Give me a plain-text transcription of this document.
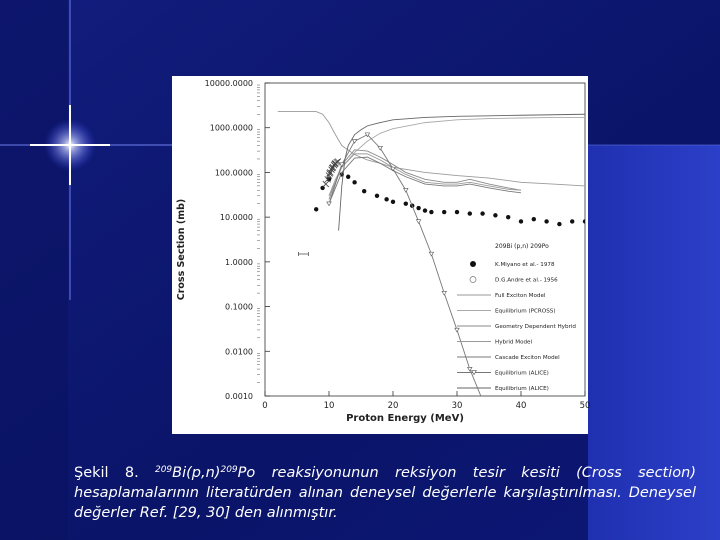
10000.0000
1000.0000
100.0000
10.0000
1.0000
0.1000
0.0100
0.0010
0	10	20	30	40	50
209Bi (p,n) 209Po
K.Miyano et al.- 1978
D.G.Andre et al.- 1956
Full Exciton Model
Equilibrium (PCROSS)
Geometry Dependent Hybrid
Hybrid Model
Cascade Exciton Model
Equilibrium (ALICE)
Equilibrium (ALICE)
Cross Section (mb)
Proton Energy (MeV)
Şekil 8. $^{209}Bi(p,n)^{209}Po$ reaksiyonunun reksiyon tesir kesiti (Cross section) hesaplamalarının literatürden alınan deneysel değerlerle karşılaştırılması. Deneysel değerler Ref. [29, 30] den alınmıştır.
